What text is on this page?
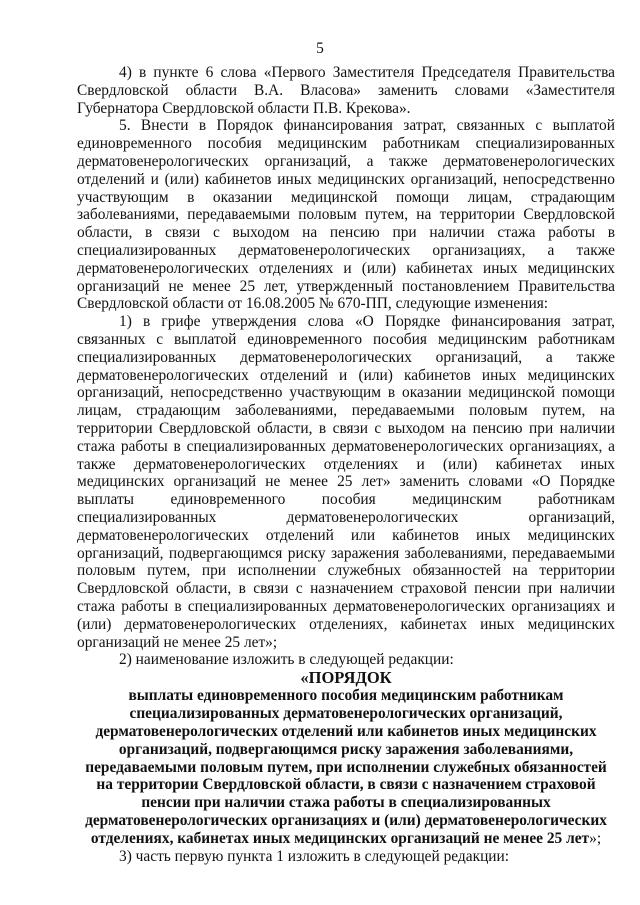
5

4) в пункте 6 слова «Первого Заместителя Председателя Правительства Свердловской области В.А. Власова» заменить словами «Заместителя Губернатора Свердловской области П.В. Крекова».

5. Внести в Порядок финансирования затрат, связанных с выплатой единовременного пособия медицинским работникам специализированных дерматовенерологических организаций, а также дерматовенерологических отделений и (или) кабинетов иных медицинских организаций, непосредственно участвующим в оказании медицинской помощи лицам, страдающим заболеваниями, передаваемыми половым путем, на территории Свердловской области, в связи с выходом на пенсию при наличии стажа работы в специализированных дерматовенерологических организациях, а также дерматовенерологических отделениях и (или) кабинетах иных медицинских организаций не менее 25 лет, утвержденный постановлением Правительства Свердловской области от 16.08.2005 № 670-ПП, следующие изменения:

1) в грифе утверждения слова «О Порядке финансирования затрат, связанных с выплатой единовременного пособия медицинским работникам специализированных дерматовенерологических организаций, а также дерматовенерологических отделений и (или) кабинетов иных медицинских организаций, непосредственно участвующим в оказании медицинской помощи лицам, страдающим заболеваниями, передаваемыми половым путем, на территории Свердловской области, в связи с выходом на пенсию при наличии стажа работы в специализированных дерматовенерологических организациях, а также дерматовенерологических отделениях и (или) кабинетах иных медицинских организаций не менее 25 лет» заменить словами «О Порядке выплаты единовременного пособия медицинским работникам специализированных дерматовенерологических организаций, дерматовенерологических отделений или кабинетов иных медицинских организаций, подвергающимся риску заражения заболеваниями, передаваемыми половым путем, при исполнении служебных обязанностей на территории Свердловской области, в связи с назначением страховой пенсии при наличии стажа работы в специализированных дерматовенерологических организациях и (или) дерматовенерологических отделениях, кабинетах иных медицинских организаций не менее 25 лет»;

2) наименование изложить в следующей редакции:

«ПОРЯДОК

выплаты единовременного пособия медицинским работникам
специализированных дерматовенерологических организаций,
дерматовенерологических отделений или кабинетов иных медицинских
организаций, подвергающимся риску заражения заболеваниями,
передаваемыми половым путем, при исполнении служебных обязанностей
на территории Свердловской области, в связи с назначением страховой
пенсии при наличии стажа работы в специализированных
дерматовенерологических организациях и (или) дерматовенерологических
отделениях, кабинетах иных медицинских организаций не менее 25 лет»;

3) часть первую пункта 1 изложить в следующей редакции:
